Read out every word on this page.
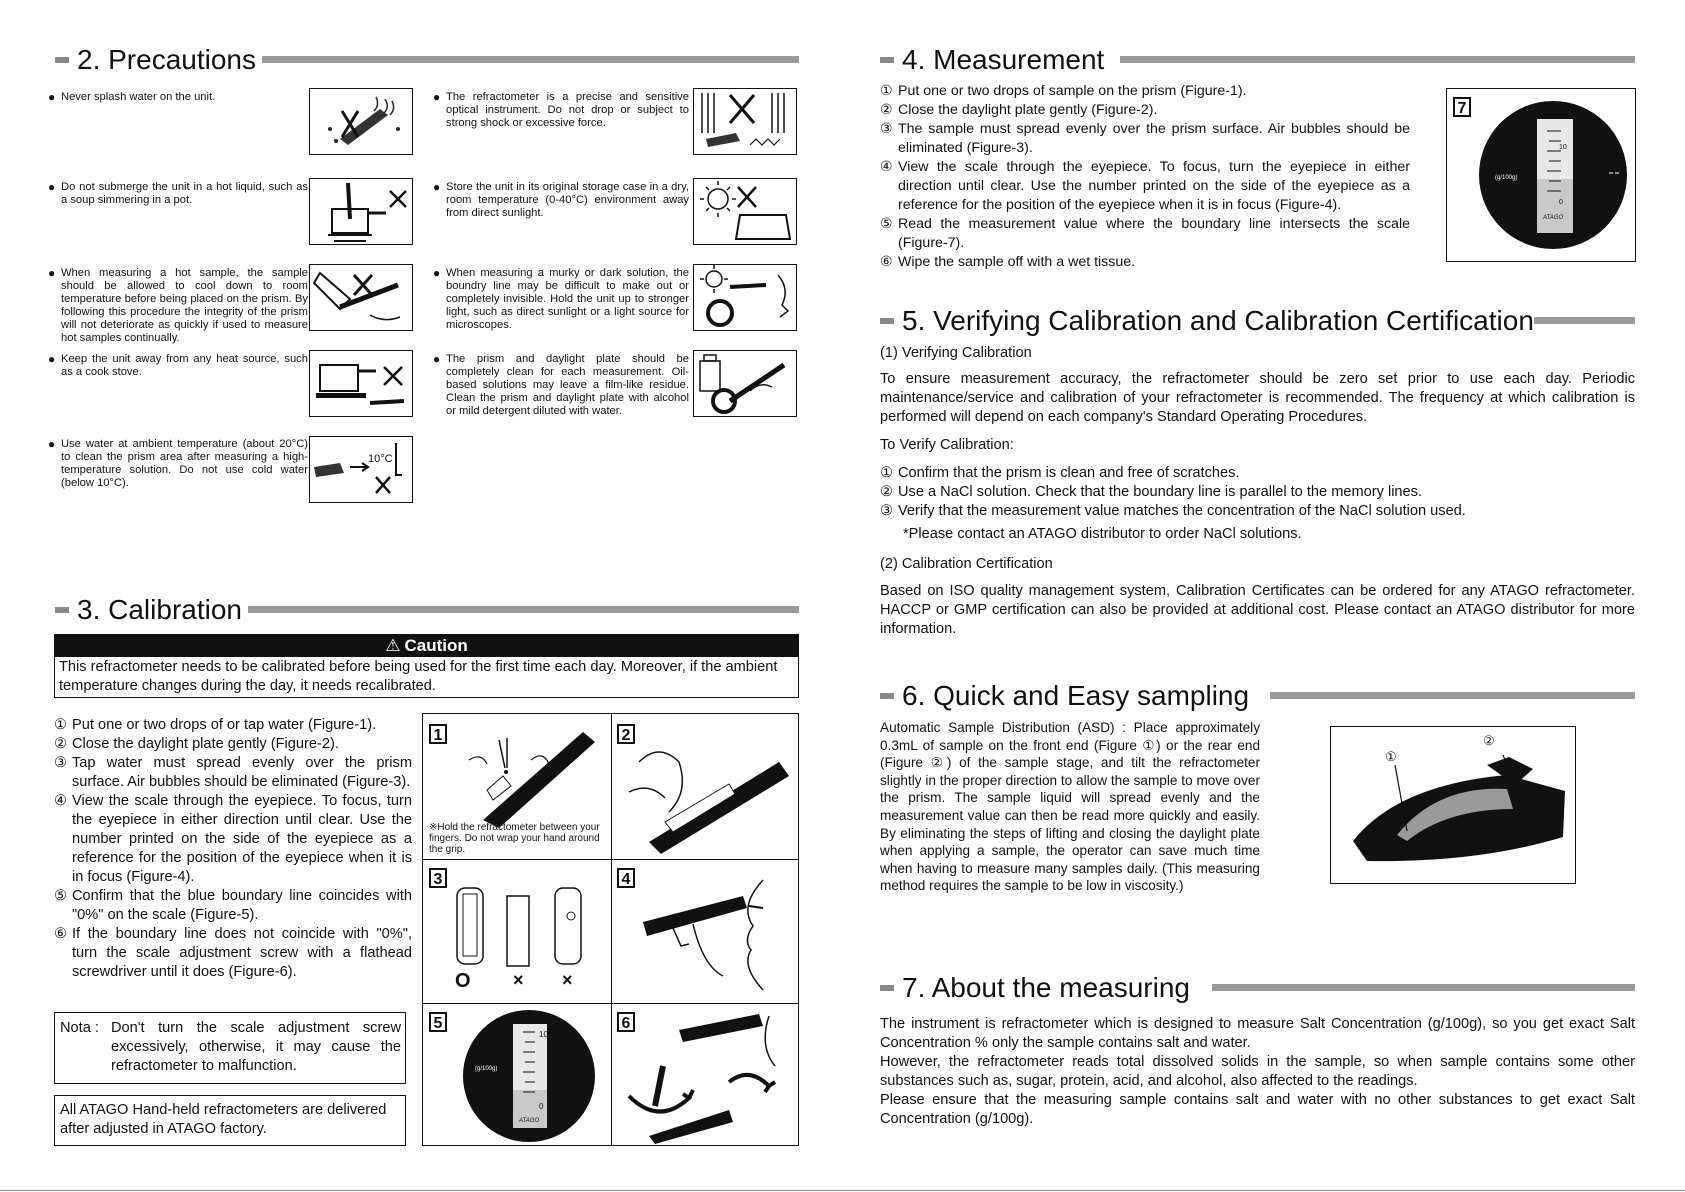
2. Precautions
● Never splash water on the unit.
● Do not submerge the unit in a hot liquid, such as a soup simmering in a pot.
● When measuring a hot sample, the sample should be allowed to cool down to room temperature before being placed on the prism. By following this procedure the integrity of the prism will not deteriorate as quickly if used to measure hot samples continually.
● Keep the unit away from any heat source, such as a cook stove.
● Use water at ambient temperature (about 20°C) to clean the prism area after measuring a high-temperature solution. Do not use cold water (below 10°C).
● The refractometer is a precise and sensitive optical instrument. Do not drop or subject to strong shock or excessive force.
● Store the unit in its original storage case in a dry, room temperature (0-40°C) environment away from direct sunlight.
● When measuring a murky or dark solution, the boundry line may be difficult to make out or completely invisible. Hold the unit up to stronger light, such as direct sunlight or a light source for microscopes.
● The prism and daylight plate should be completely clean for each measurement. Oil-based solutions may leave a film-like residue. Clean the prism and daylight plate with alcohol or mild detergent diluted with water.
10°C
3. Calibration
⚠ Caution
This refractometer needs to be calibrated before being used for the first time each day. Moreover, if the ambient temperature changes during the day, it needs recalibrated.
① Put one or two drops of or tap water (Figure-1).
② Close the daylight plate gently (Figure-2).
③ Tap water must spread evenly over the prism surface. Air bubbles should be eliminated (Figure-3).
④ View the scale through the eyepiece. To focus, turn the eyepiece in either direction until clear. Use the number printed on the side of the eyepiece as a reference for the position of the eyepiece when it is in focus (Figure-4).
⑤ Confirm that the blue boundary line coincides with "0%" on the scale (Figure-5).
⑥ If the boundary line does not coincide with "0%", turn the scale adjustment screw with a flathead screwdriver until it does (Figure-6).
Nota : Don't turn the scale adjustment screw excessively, otherwise, it may cause the refractometer to malfunction.
All ATAGO Hand-held refractometers are delivered after adjusted in ATAGO factory.
1
※Hold the refractometer between your fingers. Do not wrap your hand around the grip.
2
3
O × ×
4
5
10
0
(g/100g)
ATAGO
6
4. Measurement
① Put one or two drops of sample on the prism (Figure-1).
② Close the daylight plate gently (Figure-2).
③ The sample must spread evenly over the prism surface. Air bubbles should be eliminated (Figure-3).
④ View the scale through the eyepiece. To focus, turn the eyepiece in either direction until clear. Use the number printed on the side of the eyepiece as a reference for the position of the eyepiece when it is in focus (Figure-4).
⑤ Read the measurement value where the boundary line intersects the scale (Figure-7).
⑥ Wipe the sample off with a wet tissue.
7
10
0
(g/100g)
ATAGO
5. Verifying Calibration and Calibration Certification
(1) Verifying Calibration
To ensure measurement accuracy, the refractometer should be zero set prior to use each day. Periodic maintenance/service and calibration of your refractometer is recommended. The frequency at which calibration is performed will depend on each company's Standard Operating Procedures.
To Verify Calibration:
① Confirm that the prism is clean and free of scratches.
② Use a NaCl solution. Check that the boundary line is parallel to the memory lines.
③ Verify that the measurement value matches the concentration of the NaCl solution used.
*Please contact an ATAGO distributor to order NaCl solutions.
(2) Calibration Certification
Based on ISO quality management system, Calibration Certificates can be ordered for any ATAGO refractometer. HACCP or GMP certification can also be provided at additional cost. Please contact an ATAGO distributor for more information.
6. Quick and Easy sampling
Automatic Sample Distribution (ASD) : Place approximately 0.3mL of sample on the front end (Figure ①) or the rear end (Figure ②) of the sample stage, and tilt the refractometer slightly in the proper direction to allow the sample to move over the prism. The sample liquid will spread evenly and the measurement value can then be read more quickly and easily. By eliminating the steps of lifting and closing the daylight plate when applying a sample, the operator can save much time when having to measure many samples daily. (This measuring method requires the sample to be low in viscosity.)
①
②
7. About the measuring
The instrument is refractometer which is designed to measure Salt Concentration (g/100g), so you get exact Salt Concentration % only the sample contains salt and water.
However, the refractometer reads total dissolved solids in the sample, so when sample contains some other substances such as, sugar, protein, acid, and alcohol, also affected to the readings.
Please ensure that the measuring sample contains salt and water with no other substances to get exact Salt Concentration (g/100g).
